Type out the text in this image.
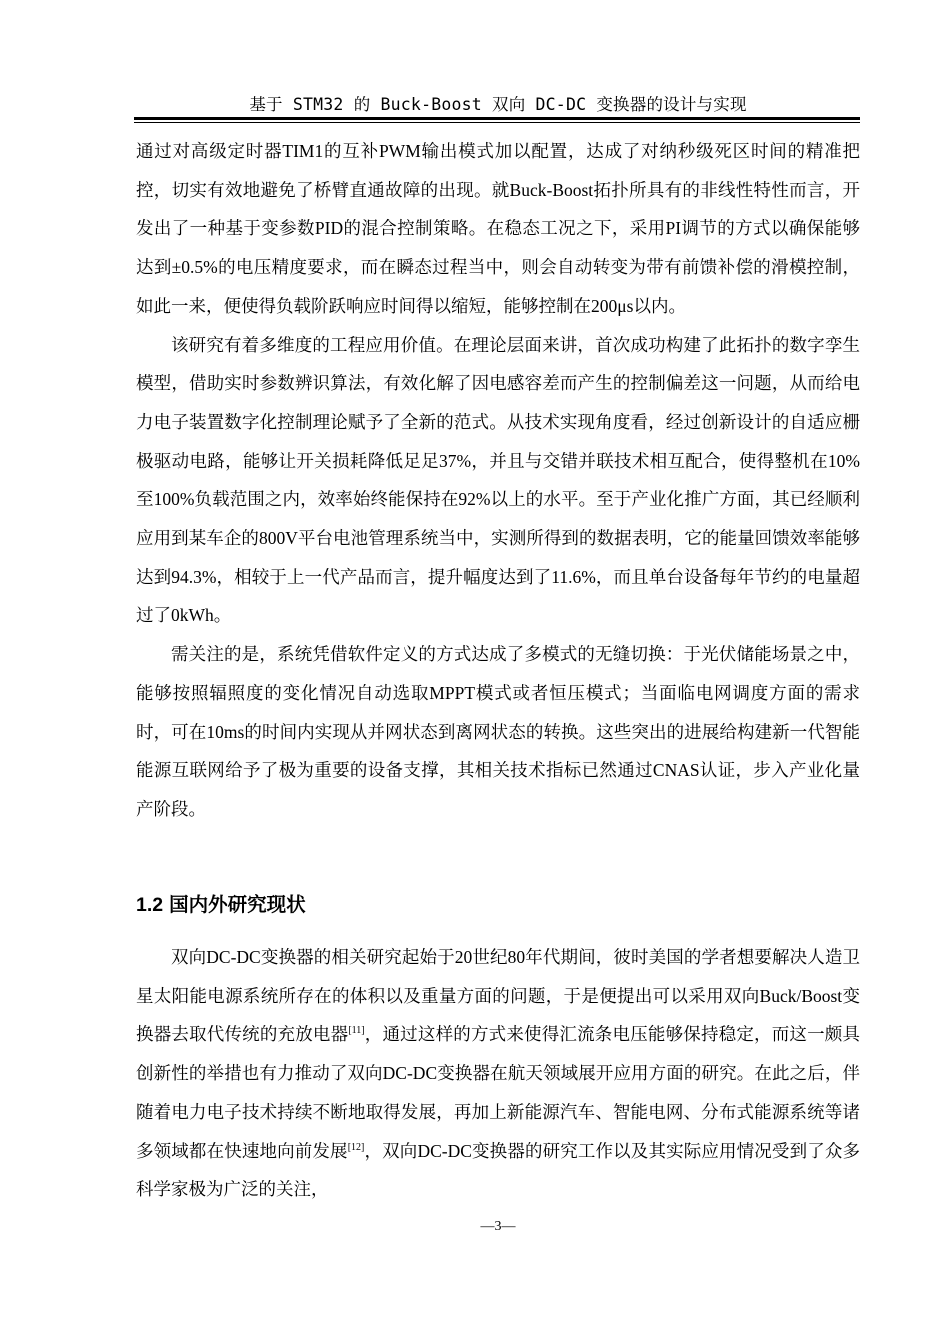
基于 STM32 的 Buck-Boost 双向 DC-DC 变换器的设计与实现

通过对高级定时器TIM1的互补PWM输出模式加以配置，达成了对纳秒级死区时间的精准把控，切实有效地避免了桥臂直通故障的出现。就Buck-Boost拓扑所具有的非线性特性而言，开发出了一种基于变参数PID的混合控制策略。在稳态工况之下，采用PI调节的方式以确保能够达到±0.5%的电压精度要求，而在瞬态过程当中，则会自动转变为带有前馈补偿的滑模控制，如此一来，便使得负载阶跃响应时间得以缩短，能够控制在200μs以内。

该研究有着多维度的工程应用价值。在理论层面来讲，首次成功构建了此拓扑的数字孪生模型，借助实时参数辨识算法，有效化解了因电感容差而产生的控制偏差这一问题，从而给电力电子装置数字化控制理论赋予了全新的范式。从技术实现角度看，经过创新设计的自适应栅极驱动电路，能够让开关损耗降低足足37%，并且与交错并联技术相互配合，使得整机在10%至100%负载范围之内，效率始终能保持在92%以上的水平。至于产业化推广方面，其已经顺利应用到某车企的800V平台电池管理系统当中，实测所得到的数据表明，它的能量回馈效率能够达到94.3%，相较于上一代产品而言，提升幅度达到了11.6%，而且单台设备每年节约的电量超过了0kWh。

需关注的是，系统凭借软件定义的方式达成了多模式的无缝切换：于光伏储能场景之中，能够按照辐照度的变化情况自动选取MPPT模式或者恒压模式；当面临电网调度方面的需求时，可在10ms的时间内实现从并网状态到离网状态的转换。这些突出的进展给构建新一代智能能源互联网给予了极为重要的设备支撑，其相关技术指标已然通过CNAS认证，步入产业化量产阶段。

1.2 国内外研究现状

双向DC-DC变换器的相关研究起始于20世纪80年代期间，彼时美国的学者想要解决人造卫星太阳能电源系统所存在的体积以及重量方面的问题，于是便提出可以采用双向Buck/Boost变换器去取代传统的充放电器[11]，通过这样的方式来使得汇流条电压能够保持稳定，而这一颇具创新性的举措也有力推动了双向DC-DC变换器在航天领域展开应用方面的研究。在此之后，伴随着电力电子技术持续不断地取得发展，再加上新能源汽车、智能电网、分布式能源系统等诸多领域都在快速地向前发展[12]，双向DC-DC变换器的研究工作以及其实际应用情况受到了众多科学家极为广泛的关注，

—3—
